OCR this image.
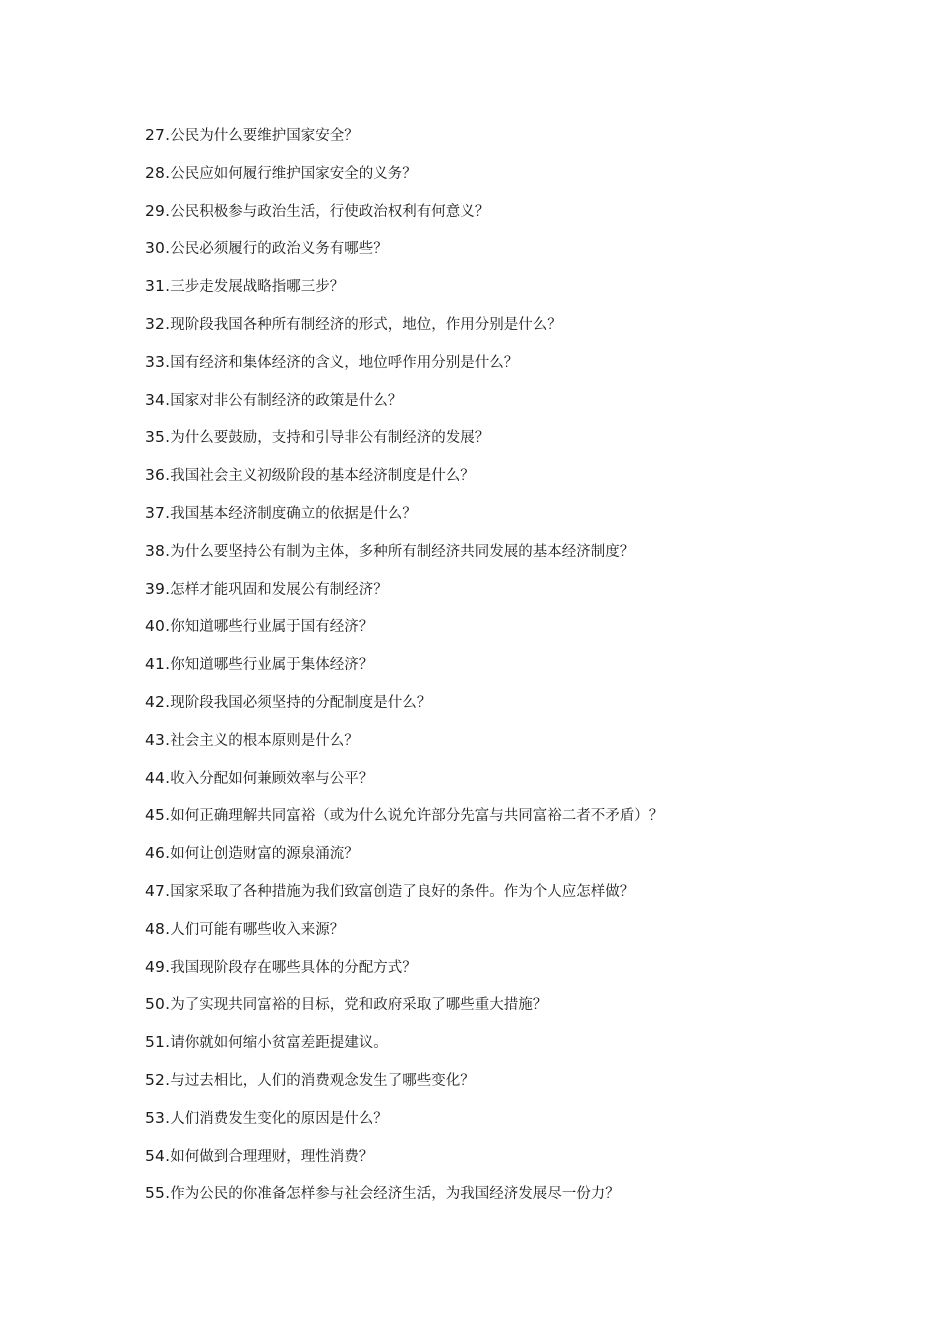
27.公民为什么要维护国家安全？
28.公民应如何履行维护国家安全的义务？
29.公民积极参与政治生活，行使政治权利有何意义？
30.公民必须履行的政治义务有哪些？
31.三步走发展战略指哪三步？
32.现阶段我国各种所有制经济的形式，地位，作用分别是什么？
33.国有经济和集体经济的含义，地位呼作用分别是什么？
34.国家对非公有制经济的政策是什么？
35.为什么要鼓励，支持和引导非公有制经济的发展？
36.我国社会主义初级阶段的基本经济制度是什么？
37.我国基本经济制度确立的依据是什么？
38.为什么要坚持公有制为主体，多种所有制经济共同发展的基本经济制度？
39.怎样才能巩固和发展公有制经济？
40.你知道哪些行业属于国有经济？
41.你知道哪些行业属于集体经济？
42.现阶段我国必须坚持的分配制度是什么？
43.社会主义的根本原则是什么？
44.收入分配如何兼顾效率与公平？
45.如何正确理解共同富裕（或为什么说允许部分先富与共同富裕二者不矛盾）？
46.如何让创造财富的源泉涌流？
47.国家采取了各种措施为我们致富创造了良好的条件。作为个人应怎样做？
48.人们可能有哪些收入来源？
49.我国现阶段存在哪些具体的分配方式？
50.为了实现共同富裕的目标，党和政府采取了哪些重大措施？
51.请你就如何缩小贫富差距提建议。
52.与过去相比，人们的消费观念发生了哪些变化？
53.人们消费发生变化的原因是什么？
54.如何做到合理理财，理性消费？
55.作为公民的你准备怎样参与社会经济生活，为我国经济发展尽一份力？
